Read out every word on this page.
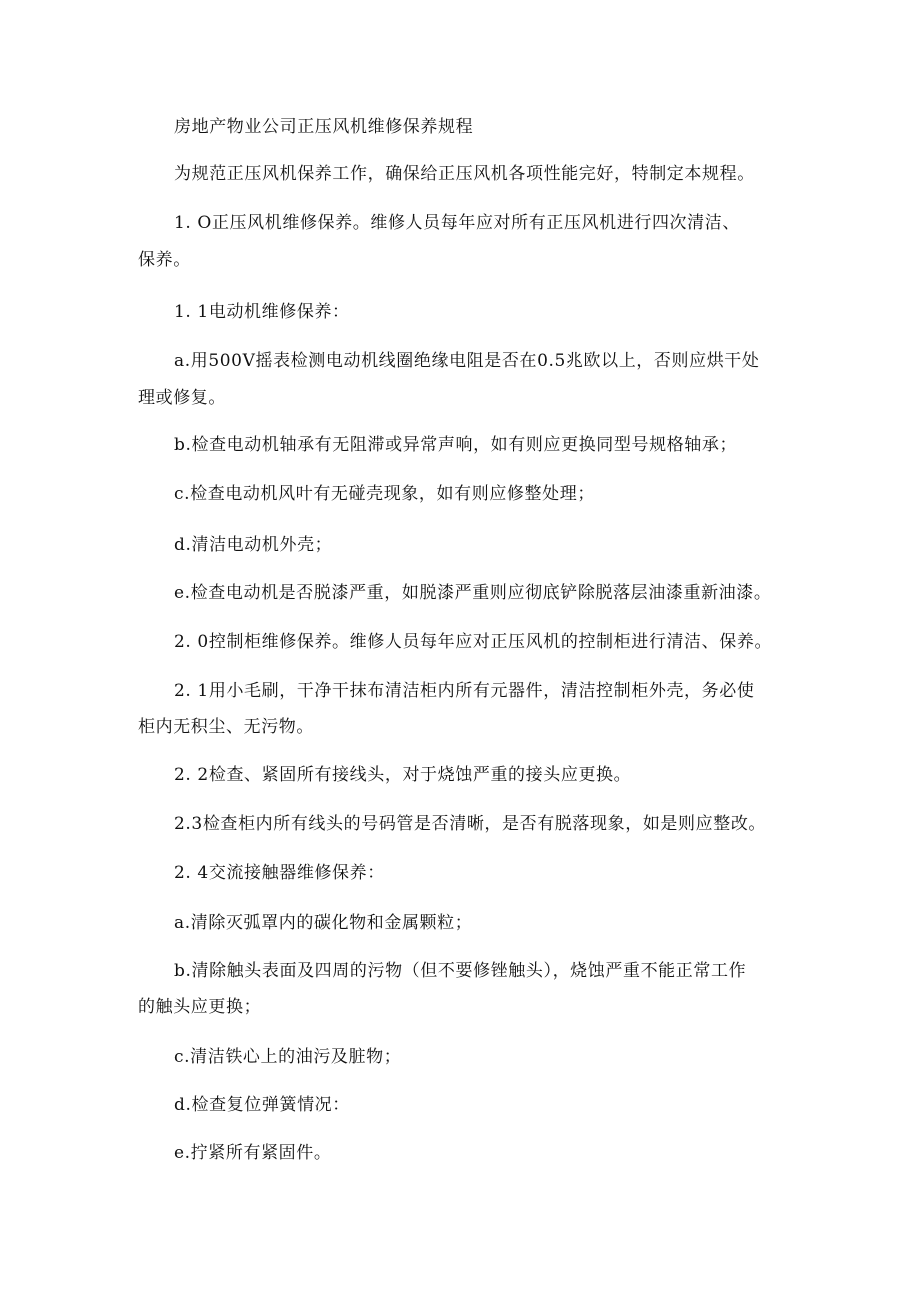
房地产物业公司正压风机维修保养规程
为规范正压风机保养工作，确保给正压风机各项性能完好，特制定本规程。
1. O正压风机维修保养。维修人员每年应对所有正压风机进行四次清洁、
保养。
1. 1电动机维修保养：
a.用500V摇表检测电动机线圈绝缘电阻是否在0.5兆欧以上，否则应烘干处
理或修复。
b.检查电动机轴承有无阻滞或异常声响，如有则应更换同型号规格轴承；
c.检查电动机风叶有无碰壳现象，如有则应修整处理；
d.清洁电动机外壳；
e.检查电动机是否脱漆严重，如脱漆严重则应彻底铲除脱落层油漆重新油漆。
2. 0控制柜维修保养。维修人员每年应对正压风机的控制柜进行清洁、保养。
2. 1用小毛刷，干净干抹布清洁柜内所有元器件，清洁控制柜外壳，务必使
柜内无积尘、无污物。
2. 2检查、紧固所有接线头，对于烧蚀严重的接头应更换。
2.3检查柜内所有线头的号码管是否清晰，是否有脱落现象，如是则应整改。
2. 4交流接触器维修保养：
a.清除灭弧罩内的碳化物和金属颗粒；
b.清除触头表面及四周的污物（但不要修锉触头），烧蚀严重不能正常工作
的触头应更换；
c.清洁铁心上的油污及脏物；
d.检查复位弹簧情况：
e.拧紧所有紧固件。
